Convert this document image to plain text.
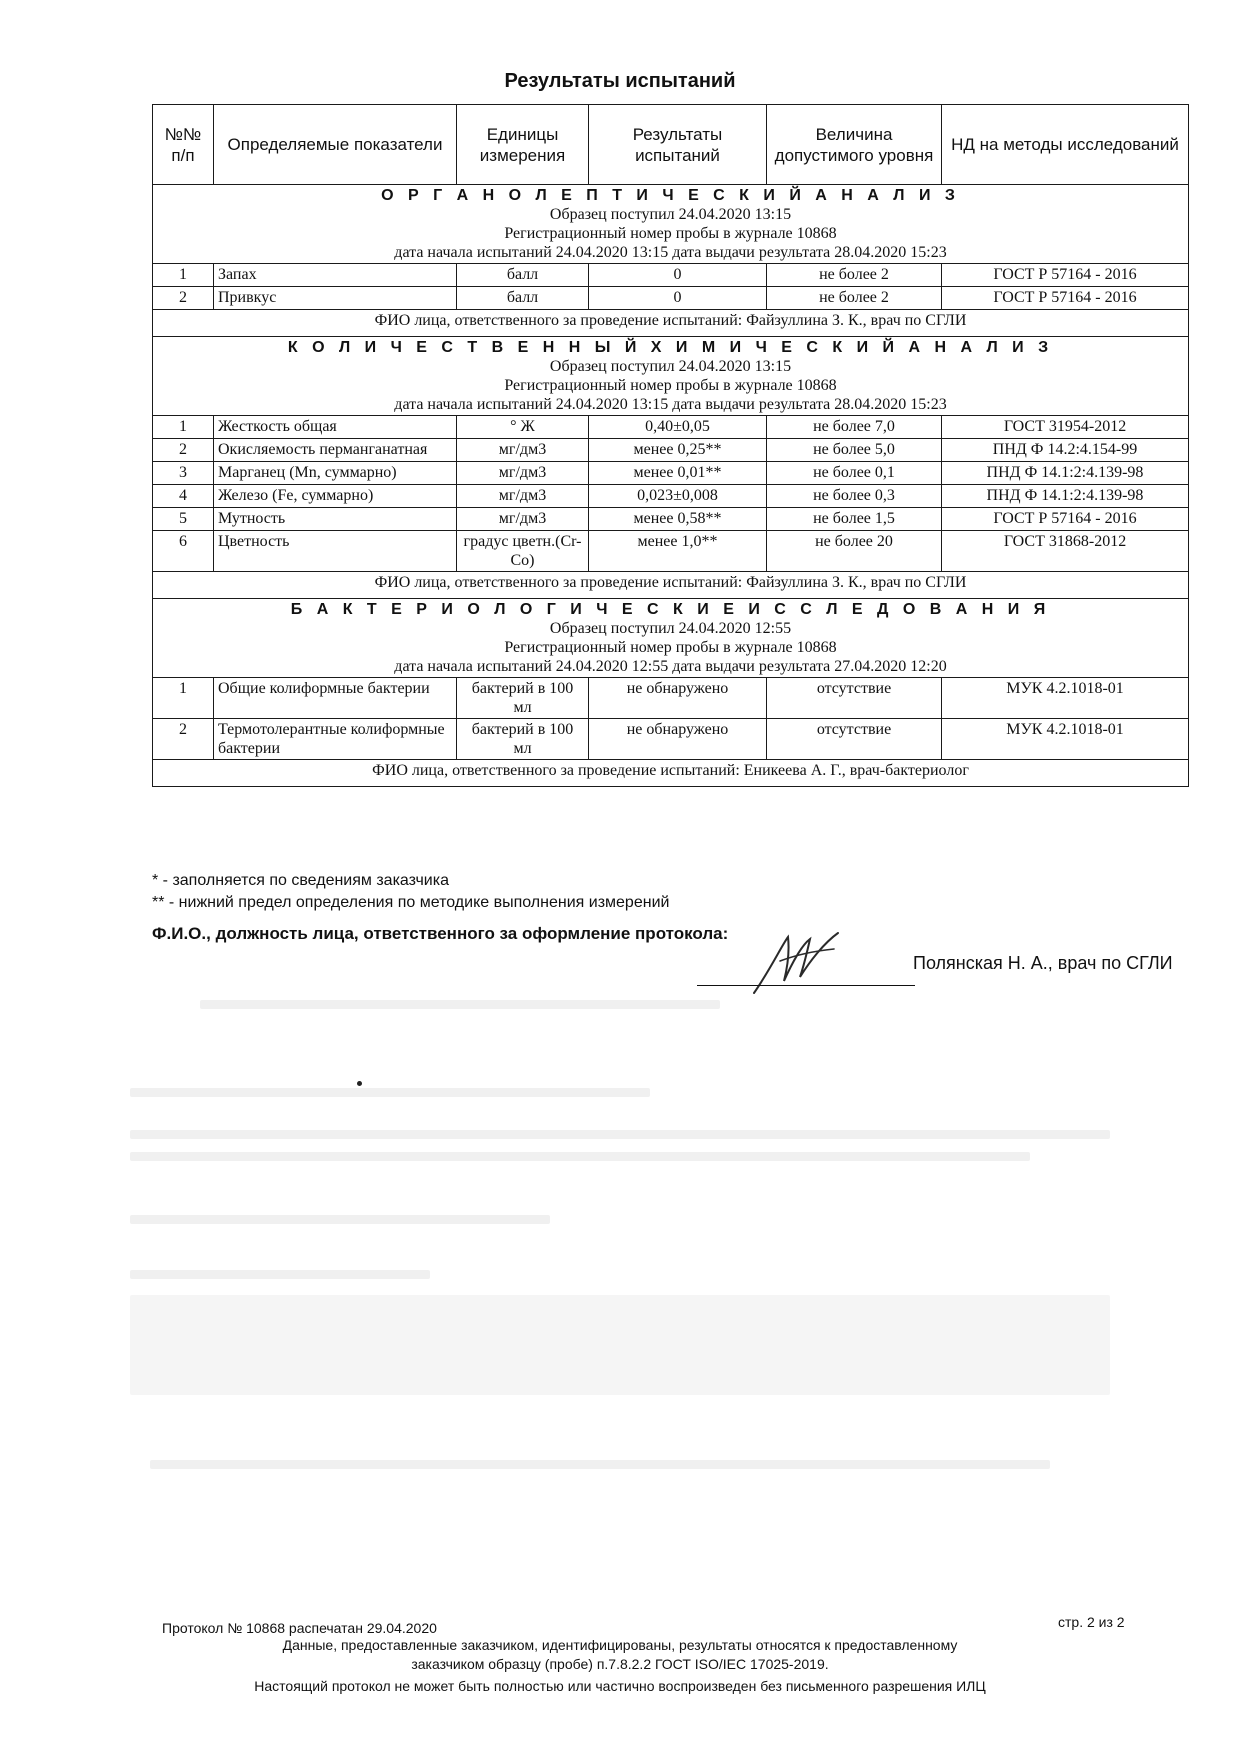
Результаты испытаний
№№ п/п	Определяемые показатели	Единицы измерения	Результаты испытаний	Величина допустимого уровня	НД на методы исследований

О Р Г А Н О Л Е П Т И Ч Е С К И Й А Н А Л И З
Образец поступил 24.04.2020 13:15
Регистрационный номер пробы в журнале 10868
дата начала испытаний 24.04.2020 13:15 дата выдачи результата 28.04.2020 15:23					

1	Запах	балл	0	не более 2	ГОСТ Р 57164 - 2016
2	Привкус	балл	0	не более 2	ГОСТ Р 57164 - 2016
ФИО лица, ответственного за проведение испытаний: Файзуллина З. К., врач по СГЛИ					

К О Л И Ч Е С Т В Е Н Н Ы Й Х И М И Ч Е С К И Й А Н А Л И З
Образец поступил 24.04.2020 13:15
Регистрационный номер пробы в журнале 10868
дата начала испытаний 24.04.2020 13:15 дата выдачи результата 28.04.2020 15:23					

1	Жесткость общая	° Ж	0,40±0,05	не более 7,0	ГОСТ 31954-2012
2	Окисляемость перманганатная	мг/дм3	менее 0,25**	не более 5,0	ПНД Ф 14.2:4.154-99
3	Марганец (Mn, суммарно)	мг/дм3	менее 0,01**	не более 0,1	ПНД Ф 14.1:2:4.139-98
4	Железо (Fe, суммарно)	мг/дм3	0,023±0,008	не более 0,3	ПНД Ф 14.1:2:4.139-98
5	Мутность	мг/дм3	менее 0,58**	не более 1,5	ГОСТ Р 57164 - 2016
6	Цветность	градус цветн.(Cr-Co)	менее 1,0**	не более 20	ГОСТ 31868-2012
ФИО лица, ответственного за проведение испытаний: Файзуллина З. К., врач по СГЛИ					

Б А К Т Е Р И О Л О Г И Ч Е С К И Е И С С Л Е Д О В А Н И Я
Образец поступил 24.04.2020 12:55
Регистрационный номер пробы в журнале 10868
дата начала испытаний 24.04.2020 12:55 дата выдачи результата 27.04.2020 12:20					

1	Общие колиформные бактерии	бактерий в 100 мл	не обнаружено	отсутствие	МУК 4.2.1018-01
2	Термотолерантные колиформные бактерии	бактерий в 100 мл	не обнаружено	отсутствие	МУК 4.2.1018-01
ФИО лица, ответственного за проведение испытаний: Еникеева А. Г., врач-бактериолог					
* - заполняется по сведениям заказчика
** - нижний предел определения по методике выполнения измерений
Ф.И.О., должность лица, ответственного за оформление протокола:
Полянская Н. А., врач по СГЛИ
Протокол № 10868 распечатан 29.04.2020	стр. 2 из 2
Данные, предоставленные заказчиком, идентифицированы, результаты относятся к предоставленному
заказчиком образцу (пробе) п.7.8.2.2 ГОСТ ISO/IEC 17025-2019.
Настоящий протокол не может быть полностью или частично воспроизведен без письменного разрешения ИЛЦ
